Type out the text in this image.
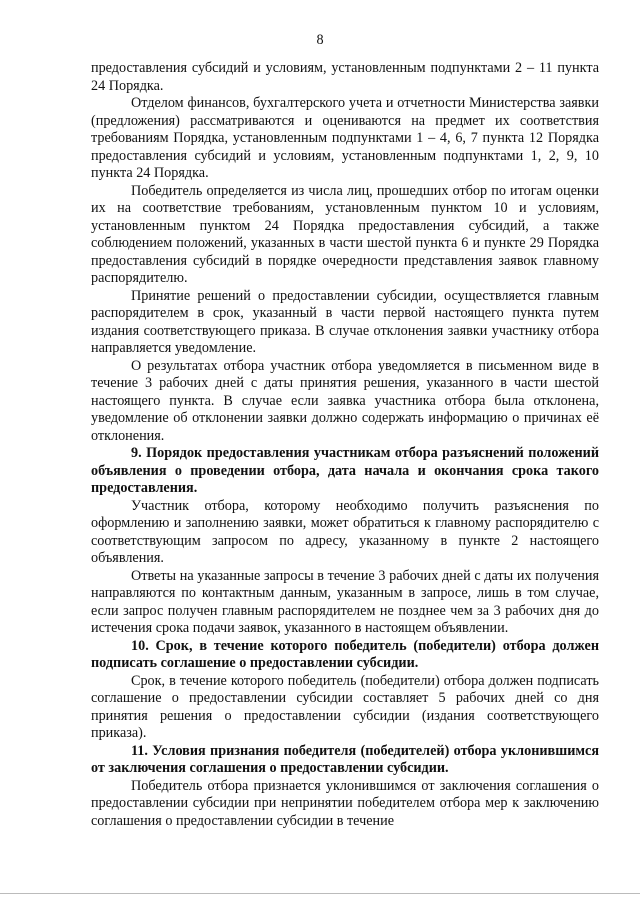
8

предоставления субсидий и условиям, установленным подпунктами 2 – 11 пункта 24 Порядка.

Отделом финансов, бухгалтерского учета и отчетности Министерства заявки (предложения) рассматриваются и оцениваются на предмет их соответствия требованиям Порядка, установленным подпунктами 1 – 4, 6, 7 пункта 12 Порядка предоставления субсидий и условиям, установленным подпунктами 1, 2, 9, 10 пункта 24 Порядка.

Победитель определяется из числа лиц, прошедших отбор по итогам оценки их на соответствие требованиям, установленным пунктом 10 и условиям, установленным пунктом 24 Порядка предоставления субсидий, а также соблюдением положений, указанных в части шестой пункта 6 и пункте 29 Порядка предоставления субсидий в порядке очередности представления заявок главному распорядителю.

Принятие решений о предоставлении субсидии, осуществляется главным распорядителем в срок, указанный в части первой настоящего пункта путем издания соответствующего приказа. В случае отклонения заявки участнику отбора направляется уведомление.

О результатах отбора участник отбора уведомляется в письменном виде в течение 3 рабочих дней с даты принятия решения, указанного в части шестой настоящего пункта. В случае если заявка участника отбора была отклонена, уведомление об отклонении заявки должно содержать информацию о причинах её отклонения.

9. Порядок предоставления участникам отбора разъяснений положений объявления о проведении отбора, дата начала и окончания срока такого предоставления.

Участник отбора, которому необходимо получить разъяснения по оформлению и заполнению заявки, может обратиться к главному распорядителю с соответствующим запросом по адресу, указанному в пункте 2 настоящего объявления.

Ответы на указанные запросы в течение 3 рабочих дней с даты их получения направляются по контактным данным, указанным в запросе, лишь в том случае, если запрос получен главным распорядителем не позднее чем за 3 рабочих дня до истечения срока подачи заявок, указанного в настоящем объявлении.

10. Срок, в течение которого победитель (победители) отбора должен подписать соглашение о предоставлении субсидии.

Срок, в течение которого победитель (победители) отбора должен подписать соглашение о предоставлении субсидии составляет 5 рабочих дней со дня принятия решения о предоставлении субсидии (издания соответствующего приказа).

11. Условия признания победителя (победителей) отбора уклонившимся от заключения соглашения о предоставлении субсидии.

Победитель отбора признается уклонившимся от заключения соглашения о предоставлении субсидии при непринятии победителем отбора мер к заключению соглашения о предоставлении субсидии в течение
